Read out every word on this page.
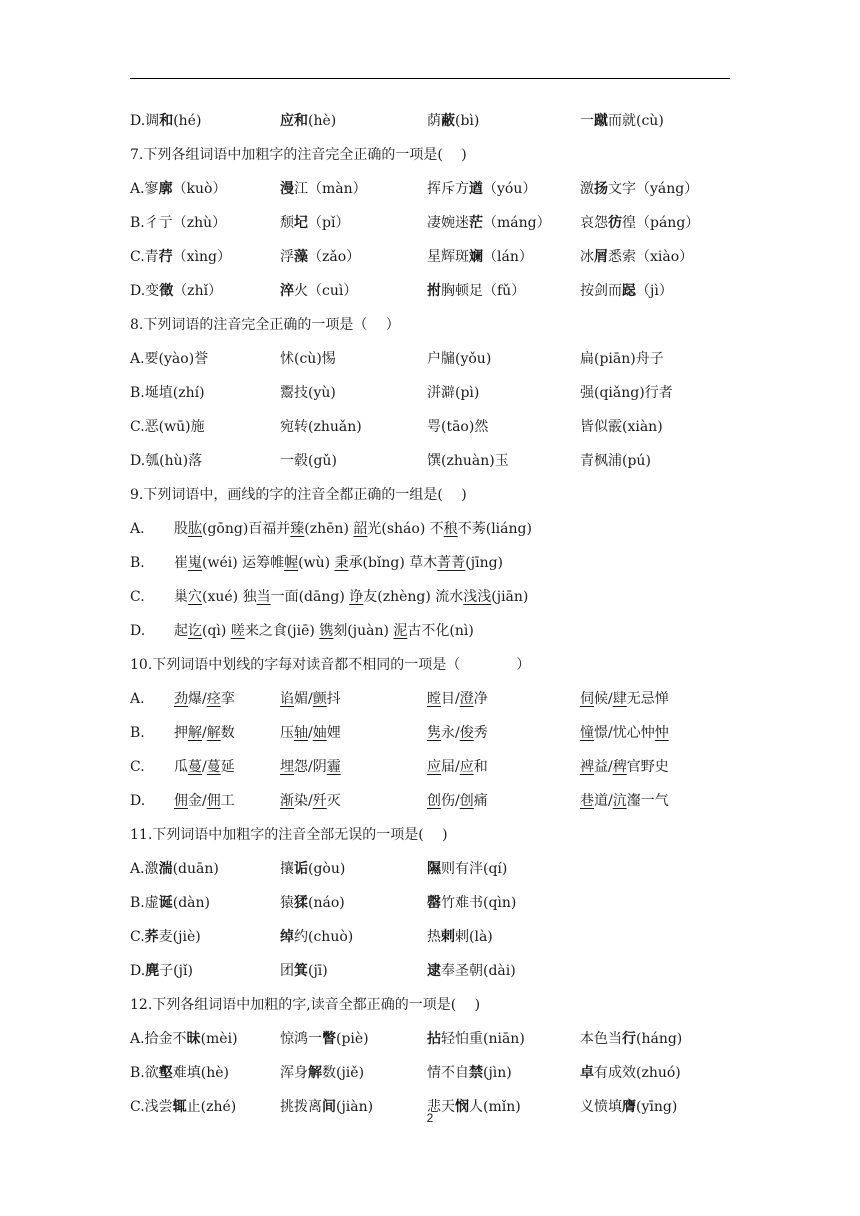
D.调和(hé)	应和(hè)	荫蔽(bì)	一蹴而就(cù)
7.下列各组词语中加粗字的注音完全正确的一项是(　 )
A.寥廓（kuò）	漫江（màn）	挥斥方遒（yóu）	激扬文字（yáng）
B.彳亍（zhù）	颓圮（pǐ）	凄婉迷茫（máng） 哀怨彷徨（páng）
C.青荇（xìng）	浮藻（zǎo）	星辉斑斓（lán）	冰屑悉索（xiào）
D.变徵（zhǐ）	淬火（cuì）	拊胸顿足（fǔ）	按剑而跽（jì）
8.下列词语的注音完全正确的一项是（　 ）
A.要(yào)誉	怵(cù)惕	户牖(yǒu)	扁(piān)舟子
B.埏埴(zhí)	鬻技(yù)	洴澼(pì)	强(qiǎng)行者
C.恶(wū)施	宛转(zhuǎn)	咢(tāo)然	皆似霰(xiàn)
D.瓠(hù)落	一毂(gǔ)	馔(zhuàn)玉	青枫浦(pú)
9.下列词语中，画线的字的注音全都正确的一组是(　 )
A.　股肱(gōng)百福并臻(zhēn) 韶光(sháo) 不稂不莠(liáng)
B.　崔嵬(wéi) 运筹帷幄(wù) 秉承(bǐng) 草木菁菁(jīng)
C.　巢穴(xué) 独当一面(dāng) 诤友(zhèng) 流水浅浅(jiān)
D.　起讫(qì) 嗟来之食(jiē) 镌刻(juàn) 泥古不化(nì)
10.下列词语中划线的字每对读音都不相同的一项是（　　　　）
A.　 劲爆/痉挛	谄媚/颤抖	瞠目/澄净	伺候/肆无忌惮
B.　押解/解数	压轴/妯娌	隽永/俊秀	憧憬/忧心忡忡
C.　瓜蔓/蔓延	埋怨/阴霾	应届/应和	裨益/稗官野史
D.　 佣金/佣工	渐染/歼灭	创伤/创痛	巷道/沆瀣一气
11.下列词语中加粗字的注音全部无误的一项是(　 )
A.激湍(duān)	攘诟(gòu)	隰则有泮(qí)
B.虚诞(dàn)	猿猱(náo)	罄竹难书(qìn)
C.荞麦(jiè)	绰约(chuò)	热剌剌(là)
D.麂子(jǐ)	团箕(jī)	逮奉圣朝(dài)
12.下列各组词语中加粗的字,读音全都正确的一项是(　 )
A.拾金不昧(mèi)	惊鸿一瞥(piè)	拈轻怕重(niān)	本色当行(háng)
B.欲壑难填(hè)	浑身解数(jiě)	情不自禁(jìn)	卓有成效(zhuó)
C.浅尝辄止(zhé)	挑拨离间(jiàn)	悲天悯人(mǐn)	义愤填膺(yīng)
2
